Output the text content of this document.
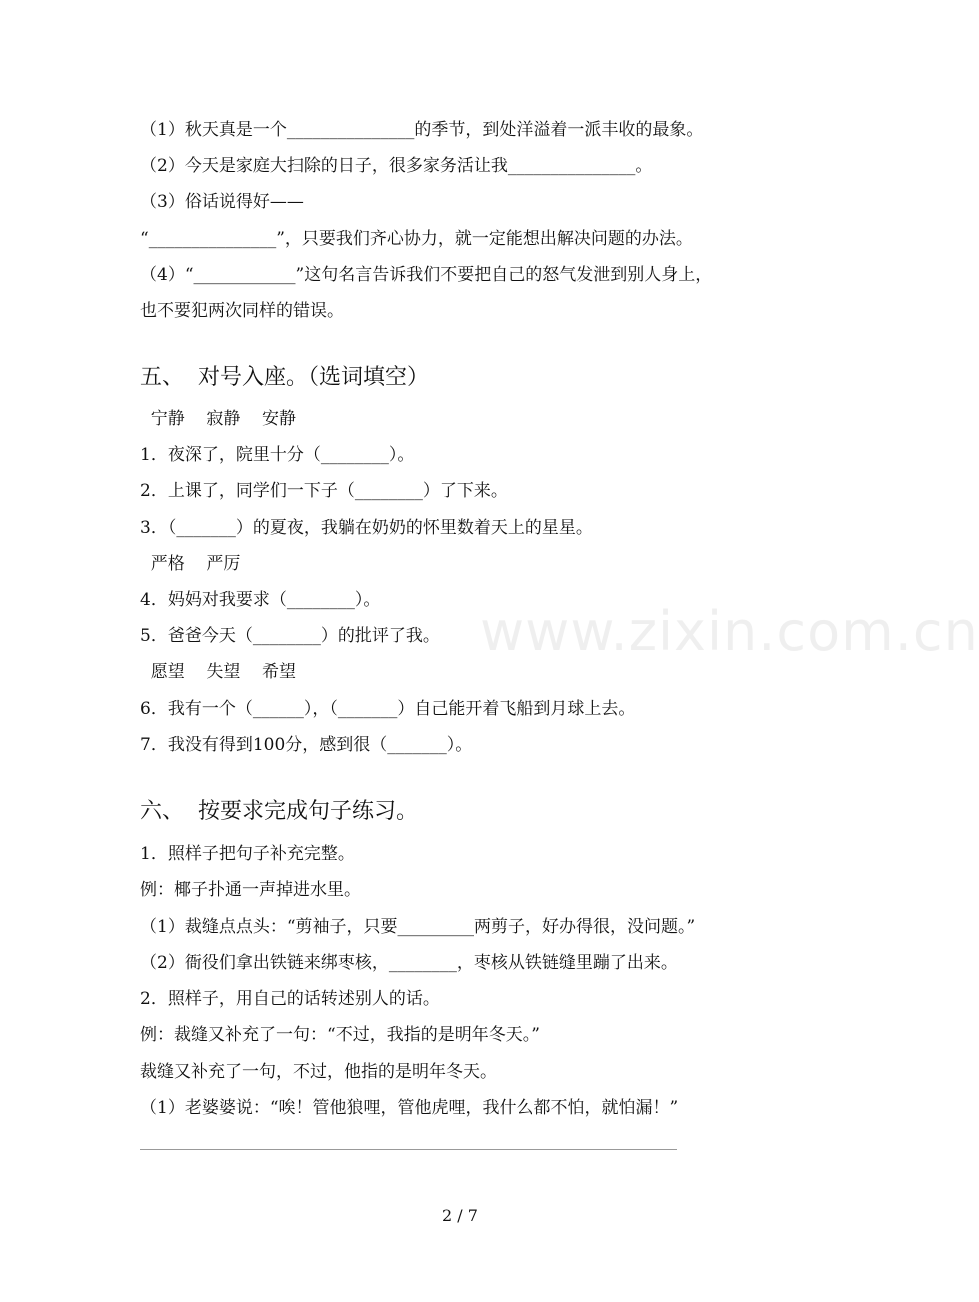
www.zixin.com.cn
（1）秋天真是一个_______________的季节，到处洋溢着一派丰收的最象。
（2）今天是家庭大扫除的日子，很多家务活让我_______________。
（3）俗话说得好——
“_______________”，只要我们齐心协力，就一定能想出解决问题的办法。
（4）“____________”这句名言告诉我们不要把自己的怒气发泄到别人身上，
也不要犯两次同样的错误。
五、  对号入座。（选词填空）
宁静    寂静    安静
1．夜深了，院里十分（________）。
2．上课了，同学们一下子（________）了下来。
3．（_______）的夏夜，我躺在奶奶的怀里数着天上的星星。
严格    严厉
4．妈妈对我要求（________）。
5．爸爸今天（________）的批评了我。
愿望    失望    希望
6．我有一个（______），（_______）自己能开着飞船到月球上去。
7．我没有得到100分，感到很（_______）。
六、  按要求完成句子练习。
1．照样子把句子补充完整。
例：椰子扑通一声掉进水里。
（1）裁缝点点头：“剪袖子，只要_________两剪子，好办得很，没问题。”
（2）衙役们拿出铁链来绑枣核，________，枣核从铁链缝里蹦了出来。
2．照样子，用自己的话转述别人的话。
例：裁缝又补充了一句：“不过，我指的是明年冬天。”
裁缝又补充了一句，不过，他指的是明年冬天。
（1）老婆婆说：“唉！管他狼哩，管他虎哩，我什么都不怕，就怕漏！”
2 / 7
